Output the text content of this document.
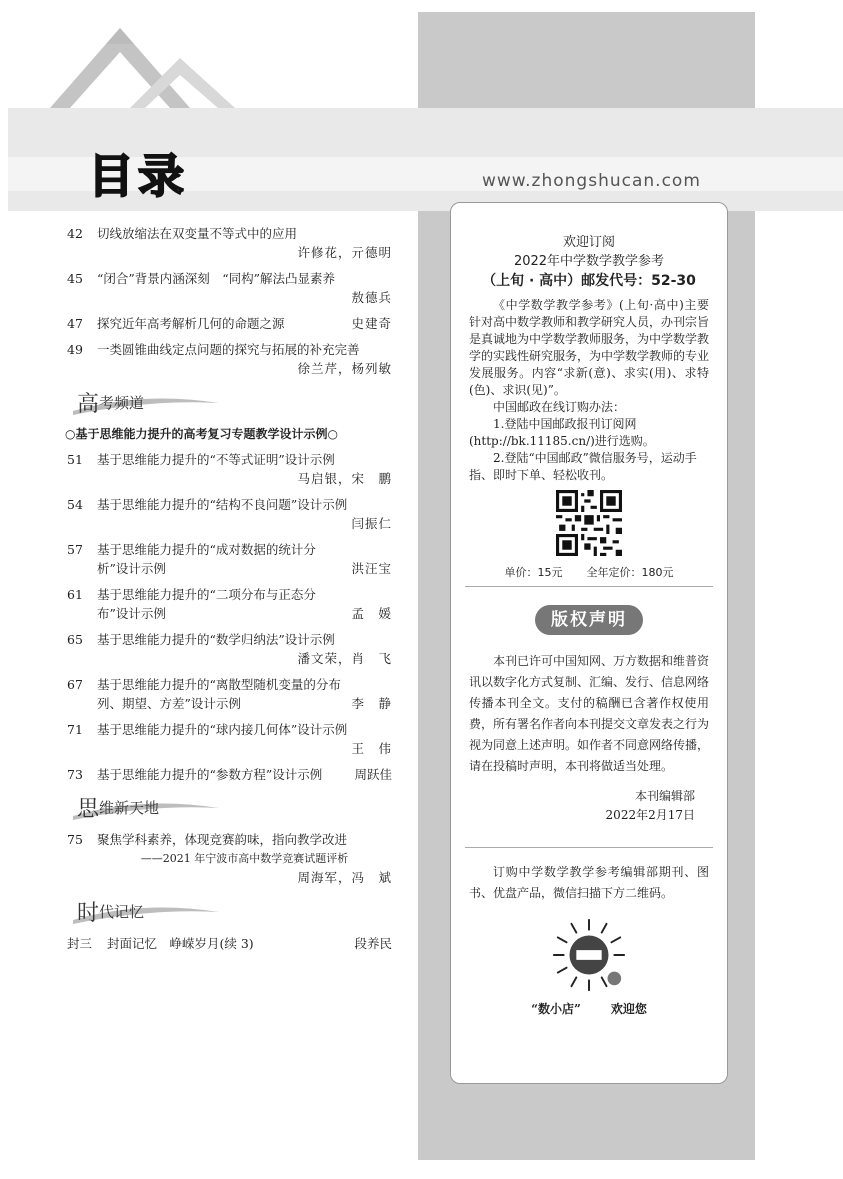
目录	www.zhongshucan.com
42	切线放缩法在双变量不等式中的应用
许修花，亓德明
45	“闭合”背景内涵深刻　“同构”解法凸显素养
敖德兵
47	探究近年高考解析几何的命题之源	史建奇
49	一类圆锥曲线定点问题的探究与拓展的补充完善
徐兰芹，杨列敏
高 考频道
○基于思维能力提升的高考复习专题教学设计示例○
51	基于思维能力提升的“不等式证明”设计示例
马启银，宋　鹏
54	基于思维能力提升的“结构不良问题”设计示例
闫振仁
57	基于思维能力提升的“成对数据的统计分析”设计示例	洪汪宝
61	基于思维能力提升的“二项分布与正态分布”设计示例	孟　媛
65	基于思维能力提升的“数学归纳法”设计示例
潘文荣，肖　飞
67	基于思维能力提升的“离散型随机变量的分布列、期望、方差”设计示例	李　静
71	基于思维能力提升的“球内接几何体”设计示例
王　伟
73	基于思维能力提升的“参数方程”设计示例	周跃佳
思 维新天地
75	聚焦学科素养，体现竞赛韵味，指向教学改进
——2021 年宁波市高中数学竞赛试题评析
周海军，冯　斌
时 代记忆
封三	封面记忆　峥嵘岁月(续 3)	段养民
欢迎订阅
2022年中学数学教学参考
（上旬 · 高中）邮发代号：52-30

《中学数学教学参考》(上旬·高中)主要针对高中数学教师和教学研究人员，办刊宗旨是真诚地为中学数学教师服务，为中学数学教学的实践性研究服务，为中学数学教师的专业发展服务。内容“求新(意)、求实(用)、求特(色)、求识(见)”。

中国邮政在线订购办法：
1.登陆中国邮政报刊订阅网(http://bk.11185.cn/)进行选购。
2.登陆“中国邮政”微信服务号，运动手指、即时下单、轻松收刊。
单价：15元 全年定价：180元
版权声明

本刊已许可中国知网、万方数据和维普资讯以数字化方式复制、汇编、发行、信息网络传播本刊全文。支付的稿酬已含著作权使用费，所有署名作者向本刊提交文章发表之行为视为同意上述声明。如作者不同意网络传播，请在投稿时声明，本刊将做适当处理。

本刊编辑部
2022年2月17日

订购中学数学教学参考编辑部期刊、图书、优盘产品，微信扫描下方二维码。

“数小店”	欢迎您
